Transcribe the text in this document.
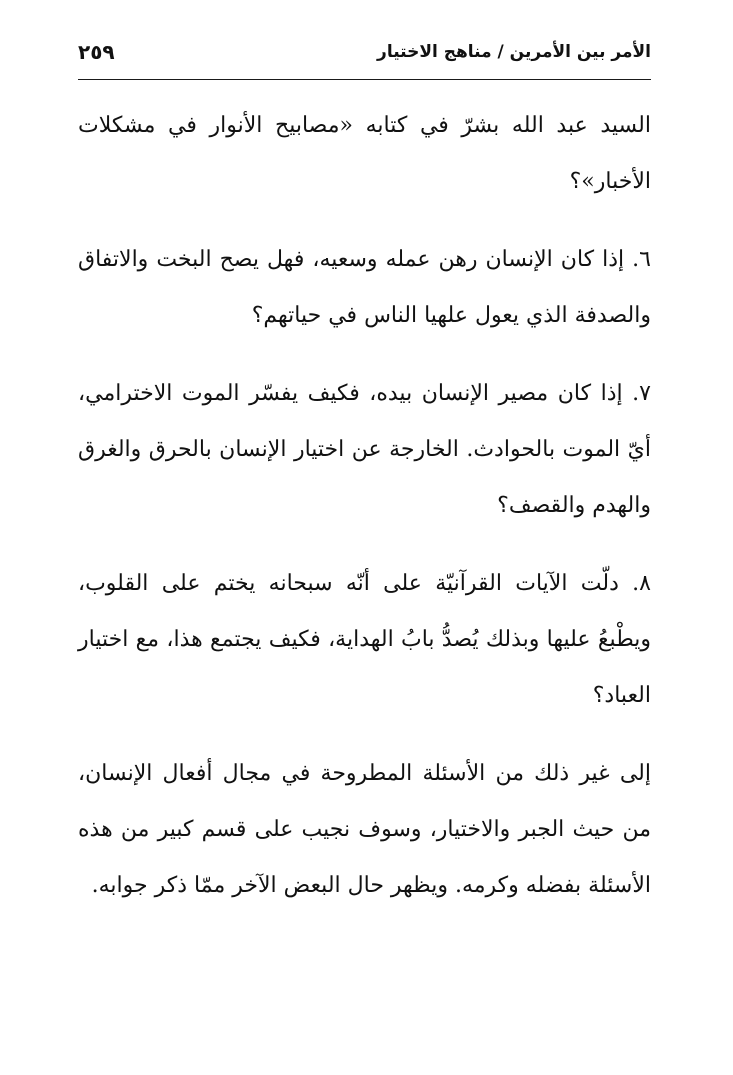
الأمر بين الأمرين / مناهج الاختيار
٢٥٩

السيد عبد الله بشرّ في كتابه «مصابيح الأنوار في مشكلات الأخبار»؟

٦. إذا كان الإنسان رهن عمله وسعيه، فهل يصح البخت والاتفاق والصدفة الذي يعول علهيا الناس في حياتهم؟

٧. إذا كان مصير الإنسان بيده، فكيف يفسّر الموت الاخترامي، أيّ الموت بالحوادث. الخارجة عن اختيار الإنسان بالحرق والغرق والهدم والقصف؟

٨. دلّت الآيات القرآنيّة على أنّه سبحانه يختم على القلوب، ويطْبعُ عليها وبذلك يُصدُّ بابُ الهداية، فكيف يجتمع هذا، مع اختيار العباد؟

إلى غير ذلك من الأسئلة المطروحة في مجال أفعال الإنسان، من حيث الجبر والاختيار، وسوف نجيب على قسم كبير من هذه الأسئلة بفضله وكرمه. ويظهر حال البعض الآخر ممّا ذكر جوابه.
